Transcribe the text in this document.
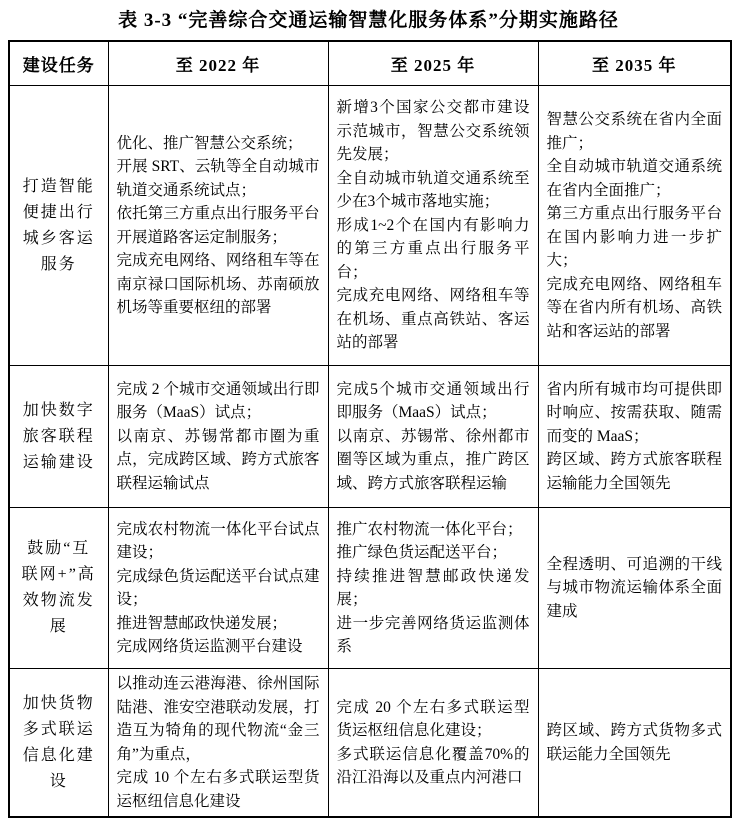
表 3-3 “完善综合交通运输智慧化服务体系”分期实施路径
建设任务	至 2022 年	至 2025 年	至 2035 年
打造智能便捷出行城乡客运服务	优化、推广智慧公交系统；
开展 SRT、云轨等全自动城市轨道交通系统试点；
依托第三方重点出行服务平台开展道路客运定制服务；
完成充电网络、网络租车等在南京禄口国际机场、苏南硕放机场等重要枢纽的部署	新增3个国家公交都市建设示范城市，智慧公交系统领先发展；
全自动城市轨道交通系统至少在3个城市落地实施；
形成1~2个在国内有影响力的第三方重点出行服务平台；
完成充电网络、网络租车等在机场、重点高铁站、客运站的部署	智慧公交系统在省内全面推广；
全自动城市轨道交通系统在省内全面推广；
第三方重点出行服务平台在国内影响力进一步扩大；
完成充电网络、网络租车等在省内所有机场、高铁站和客运站的部署
加快数字旅客联程运输建设	完成 2 个城市交通领域出行即服务（MaaS）试点；
以南京、苏锡常都市圈为重点，完成跨区域、跨方式旅客联程运输试点	完成5个城市交通领域出行即服务（MaaS）试点；
以南京、苏锡常、徐州都市圈等区域为重点，推广跨区域、跨方式旅客联程运输	省内所有城市均可提供即时响应、按需获取、随需而变的 MaaS；
跨区域、跨方式旅客联程运输能力全国领先
鼓励“互联网+”高效物流发展	完成农村物流一体化平台试点建设；
完成绿色货运配送平台试点建设；
推进智慧邮政快递发展；
完成网络货运监测平台建设	推广农村物流一体化平台；
推广绿色货运配送平台；
持续推进智慧邮政快递发展；
进一步完善网络货运监测体系	全程透明、可追溯的干线与城市物流运输体系全面建成
加快货物多式联运信息化建设	以推动连云港海港、徐州国际陆港、淮安空港联动发展，打造互为犄角的现代物流“金三角”为重点，
完成 10 个左右多式联运型货运枢纽信息化建设	完成 20 个左右多式联运型货运枢纽信息化建设；
多式联运信息化覆盖70%的沿江沿海以及重点内河港口	跨区域、跨方式货物多式联运能力全国领先
